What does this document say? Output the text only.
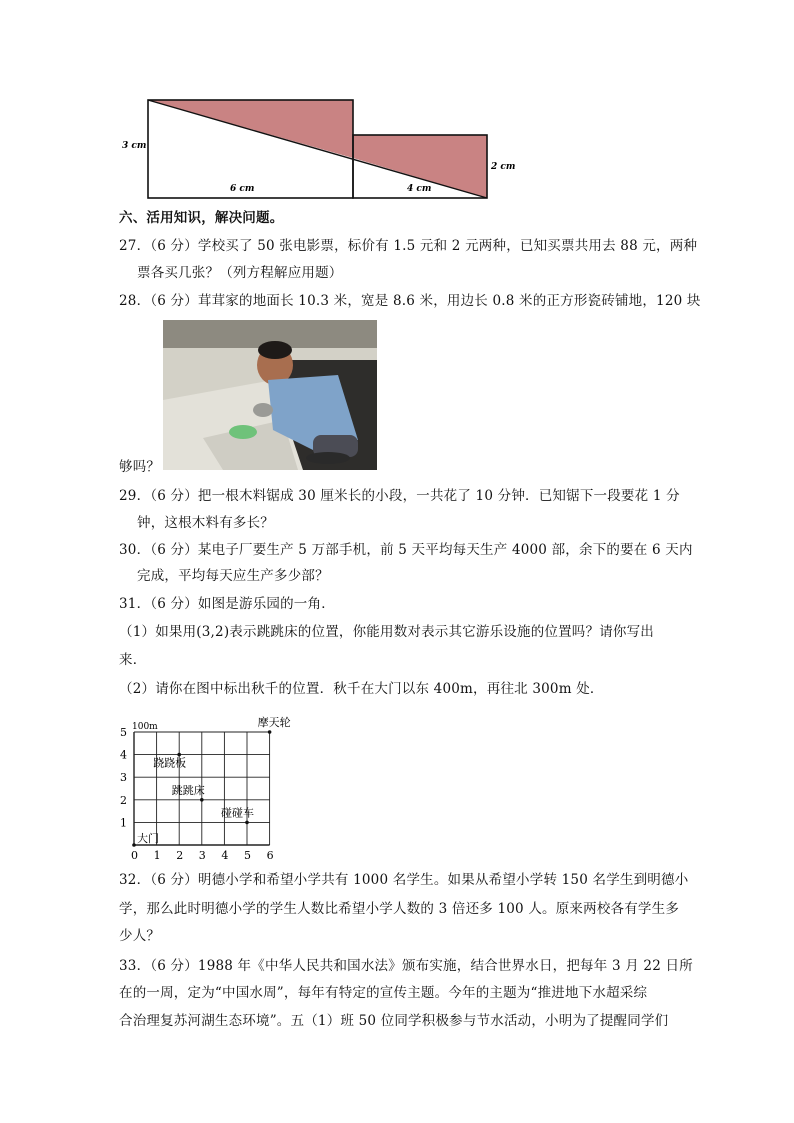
3 cm
6 cm	4 cm
2 cm
六、活用知识，解决问题。
27．（6 分）学校买了 50 张电影票，标价有 1.5 元和 2 元两种，已知买票共用去 88 元，两种
票各买几张？（列方程解应用题）
28．（6 分）茸茸家的地面长 10.3 米，宽是 8.6 米，用边长 0.8 米的正方形瓷砖铺地，120 块
够吗？
29．（6 分）把一根木料锯成 30 厘米长的小段，一共花了 10 分钟．已知锯下一段要花 1 分
钟，这根木料有多长？
30．（6 分）某电子厂要生产 5 万部手机，前 5 天平均每天生产 4000 部，余下的要在 6 天内
完成，平均每天应生产多少部？
31．（6 分）如图是游乐园的一角．
（1）如果用(3,2)表示跳跳床的位置，你能用数对表示其它游乐设施的位置吗？请你写出
来．
（2）请你在图中标出秋千的位置．秋千在大门以东 400m，再往北 300m 处．
0 1 2 3 4 5 6
1
2
3
4
5 100m	摩天轮
跷跷板
跳跳床
碰碰车
大门
32．（6 分）明德小学和希望小学共有 1000 名学生。如果从希望小学转 150 名学生到明德小
学，那么此时明德小学的学生人数比希望小学人数的 3 倍还多 100 人。原来两校各有学生多
少人？
33．（6 分）1988 年《中华人民共和国水法》颁布实施，结合世界水日，把每年 3 月 22 日所
在的一周，定为“中国水周”，每年有特定的宣传主题。今年的主题为“推进地下水超采综
合治理复苏河湖生态环境”。五（1）班 50 位同学积极参与节水活动，小明为了提醒同学们
